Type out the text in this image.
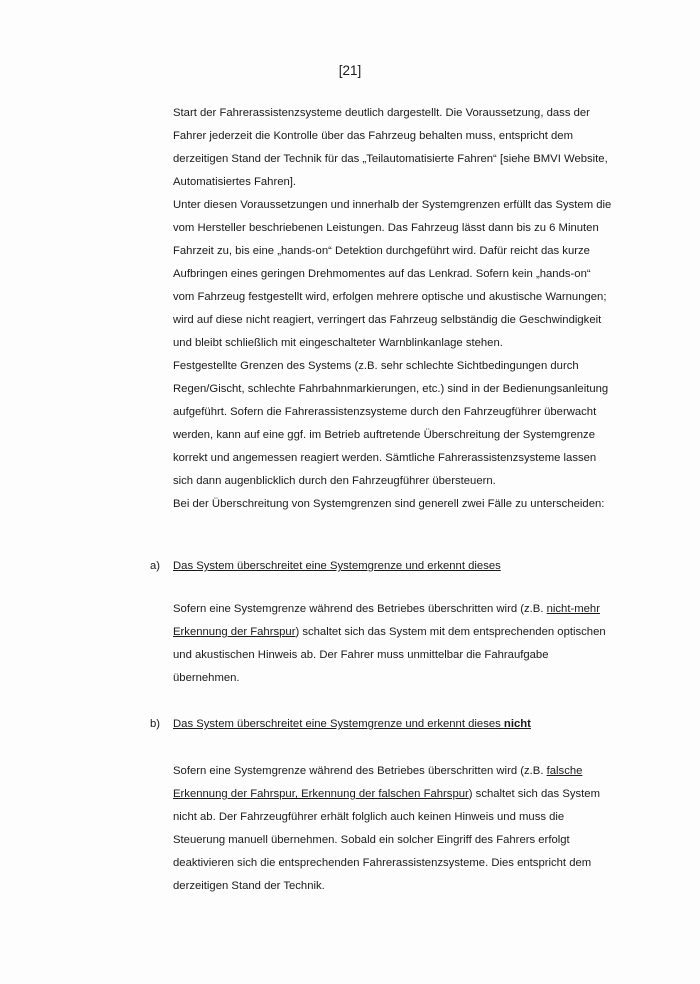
[21]

Start der Fahrerassistenzsysteme deutlich dargestellt. Die Voraussetzung, dass der Fahrer jederzeit die Kontrolle über das Fahrzeug behalten muss, entspricht dem derzeitigen Stand der Technik für das „Teilautomatisierte Fahren“ [siehe BMVI Website, Automatisiertes Fahren].

Unter diesen Voraussetzungen und innerhalb der Systemgrenzen erfüllt das System die vom Hersteller beschriebenen Leistungen. Das Fahrzeug lässt dann bis zu 6 Minuten Fahrzeit zu, bis eine „hands-on“ Detektion durchgeführt wird. Dafür reicht das kurze Aufbringen eines geringen Drehmomentes auf das Lenkrad. Sofern kein „hands-on“ vom Fahrzeug festgestellt wird, erfolgen mehrere optische und akustische Warnungen; wird auf diese nicht reagiert, verringert das Fahrzeug selbständig die Geschwindigkeit und bleibt schließlich mit eingeschalteter Warnblinkanlage stehen.

Festgestellte Grenzen des Systems (z.B. sehr schlechte Sichtbedingungen durch Regen/Gischt, schlechte Fahrbahnmarkierungen, etc.) sind in der Bedienungsanleitung aufgeführt. Sofern die Fahrerassistenzsysteme durch den Fahrzeugführer überwacht werden, kann auf eine ggf. im Betrieb auftretende Überschreitung der Systemgrenze korrekt und angemessen reagiert werden. Sämtliche Fahrerassistenzsysteme lassen sich dann augenblicklich durch den Fahrzeugführer übersteuern.

Bei der Überschreitung von Systemgrenzen sind generell zwei Fälle zu unterscheiden:

a) Das System überschreitet eine Systemgrenze und erkennt dieses
Sofern eine Systemgrenze während des Betriebes überschritten wird (z.B. nicht-mehr Erkennung der Fahrspur) schaltet sich das System mit dem entsprechenden optischen und akustischen Hinweis ab. Der Fahrer muss unmittelbar die Fahraufgabe übernehmen.
b) Das System überschreitet eine Systemgrenze und erkennt dieses nicht
Sofern eine Systemgrenze während des Betriebes überschritten wird (z.B. falsche Erkennung der Fahrspur, Erkennung der falschen Fahrspur) schaltet sich das System nicht ab. Der Fahrzeugführer erhält folglich auch keinen Hinweis und muss die Steuerung manuell übernehmen. Sobald ein solcher Eingriff des Fahrers erfolgt deaktivieren sich die entsprechenden Fahrerassistenzsysteme. Dies entspricht dem derzeitigen Stand der Technik.
